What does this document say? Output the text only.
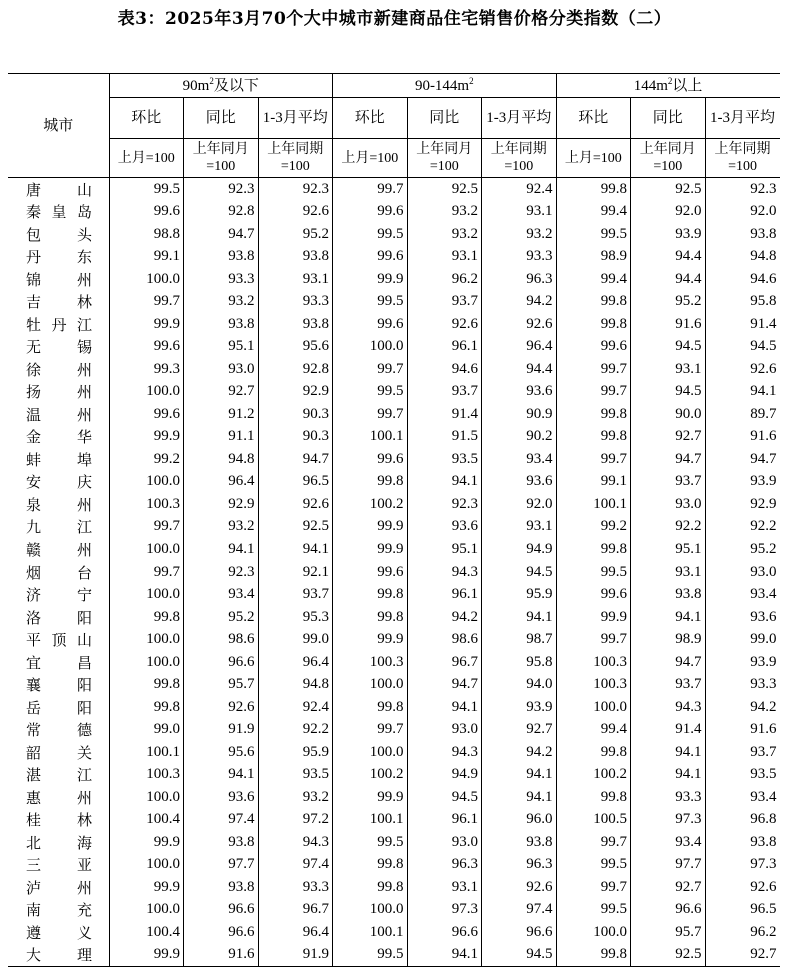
表3：2025年3月70个大中城市新建商品住宅销售价格分类指数（二）
城市	$90m^2$及以下			$90-144m^2$			$144m^2$以上		
	环比	同比	1-3月平均	环比	同比	1-3月平均	环比	同比	1-3月平均
	上月=100	上年同月=100	上年同期=100	上月=100	上年同月=100	上年同期=100	上月=100	上年同月=100	上年同期=100

唐 山	99.5	92.3	92.3	99.7	92.5	92.4	99.8	92.5	92.3

秦 皇 岛	99.6	92.8	92.6	99.6	93.2	93.1	99.4	92.0	92.0

包 头	98.8	94.7	95.2	99.5	93.2	93.2	99.5	93.9	93.8

丹 东	99.1	93.8	93.8	99.6	93.1	93.3	98.9	94.4	94.8

锦 州	100.0	93.3	93.1	99.9	96.2	96.3	99.4	94.4	94.6

吉 林	99.7	93.2	93.3	99.5	93.7	94.2	99.8	95.2	95.8

牡 丹 江	99.9	93.8	93.8	99.6	92.6	92.6	99.8	91.6	91.4

无 锡	99.6	95.1	95.6	100.0	96.1	96.4	99.6	94.5	94.5

徐 州	99.3	93.0	92.8	99.7	94.6	94.4	99.7	93.1	92.6

扬 州	100.0	92.7	92.9	99.5	93.7	93.6	99.7	94.5	94.1

温 州	99.6	91.2	90.3	99.7	91.4	90.9	99.8	90.0	89.7

金 华	99.9	91.1	90.3	100.1	91.5	90.2	99.8	92.7	91.6

蚌 埠	99.2	94.8	94.7	99.6	93.5	93.4	99.7	94.7	94.7

安 庆	100.0	96.4	96.5	99.8	94.1	93.6	99.1	93.7	93.9

泉 州	100.3	92.9	92.6	100.2	92.3	92.0	100.1	93.0	92.9

九 江	99.7	93.2	92.5	99.9	93.6	93.1	99.2	92.2	92.2

赣 州	100.0	94.1	94.1	99.9	95.1	94.9	99.8	95.1	95.2

烟 台	99.7	92.3	92.1	99.6	94.3	94.5	99.5	93.1	93.0

济 宁	100.0	93.4	93.7	99.8	96.1	95.9	99.6	93.8	93.4

洛 阳	99.8	95.2	95.3	99.8	94.2	94.1	99.9	94.1	93.6

平 顶 山	100.0	98.6	99.0	99.9	98.6	98.7	99.7	98.9	99.0

宜 昌	100.0	96.6	96.4	100.3	96.7	95.8	100.3	94.7	93.9

襄 阳	99.8	95.7	94.8	100.0	94.7	94.0	100.3	93.7	93.3

岳 阳	99.8	92.6	92.4	99.8	94.1	93.9	100.0	94.3	94.2

常 德	99.0	91.9	92.2	99.7	93.0	92.7	99.4	91.4	91.6

韶 关	100.1	95.6	95.9	100.0	94.3	94.2	99.8	94.1	93.7

湛 江	100.3	94.1	93.5	100.2	94.9	94.1	100.2	94.1	93.5

惠 州	100.0	93.6	93.2	99.9	94.5	94.1	99.8	93.3	93.4

桂 林	100.4	97.4	97.2	100.1	96.1	96.0	100.5	97.3	96.8

北 海	99.9	93.8	94.3	99.5	93.0	93.8	99.7	93.4	93.8

三 亚	100.0	97.7	97.4	99.8	96.3	96.3	99.5	97.7	97.3

泸 州	99.9	93.8	93.3	99.8	93.1	92.6	99.7	92.7	92.6

南 充	100.0	96.6	96.7	100.0	97.3	97.4	99.5	96.6	96.5

遵 义	100.4	96.6	96.4	100.1	96.6	96.6	100.0	95.7	96.2

大 理	99.9	91.6	91.9	99.5	94.1	94.5	99.8	92.5	92.7
